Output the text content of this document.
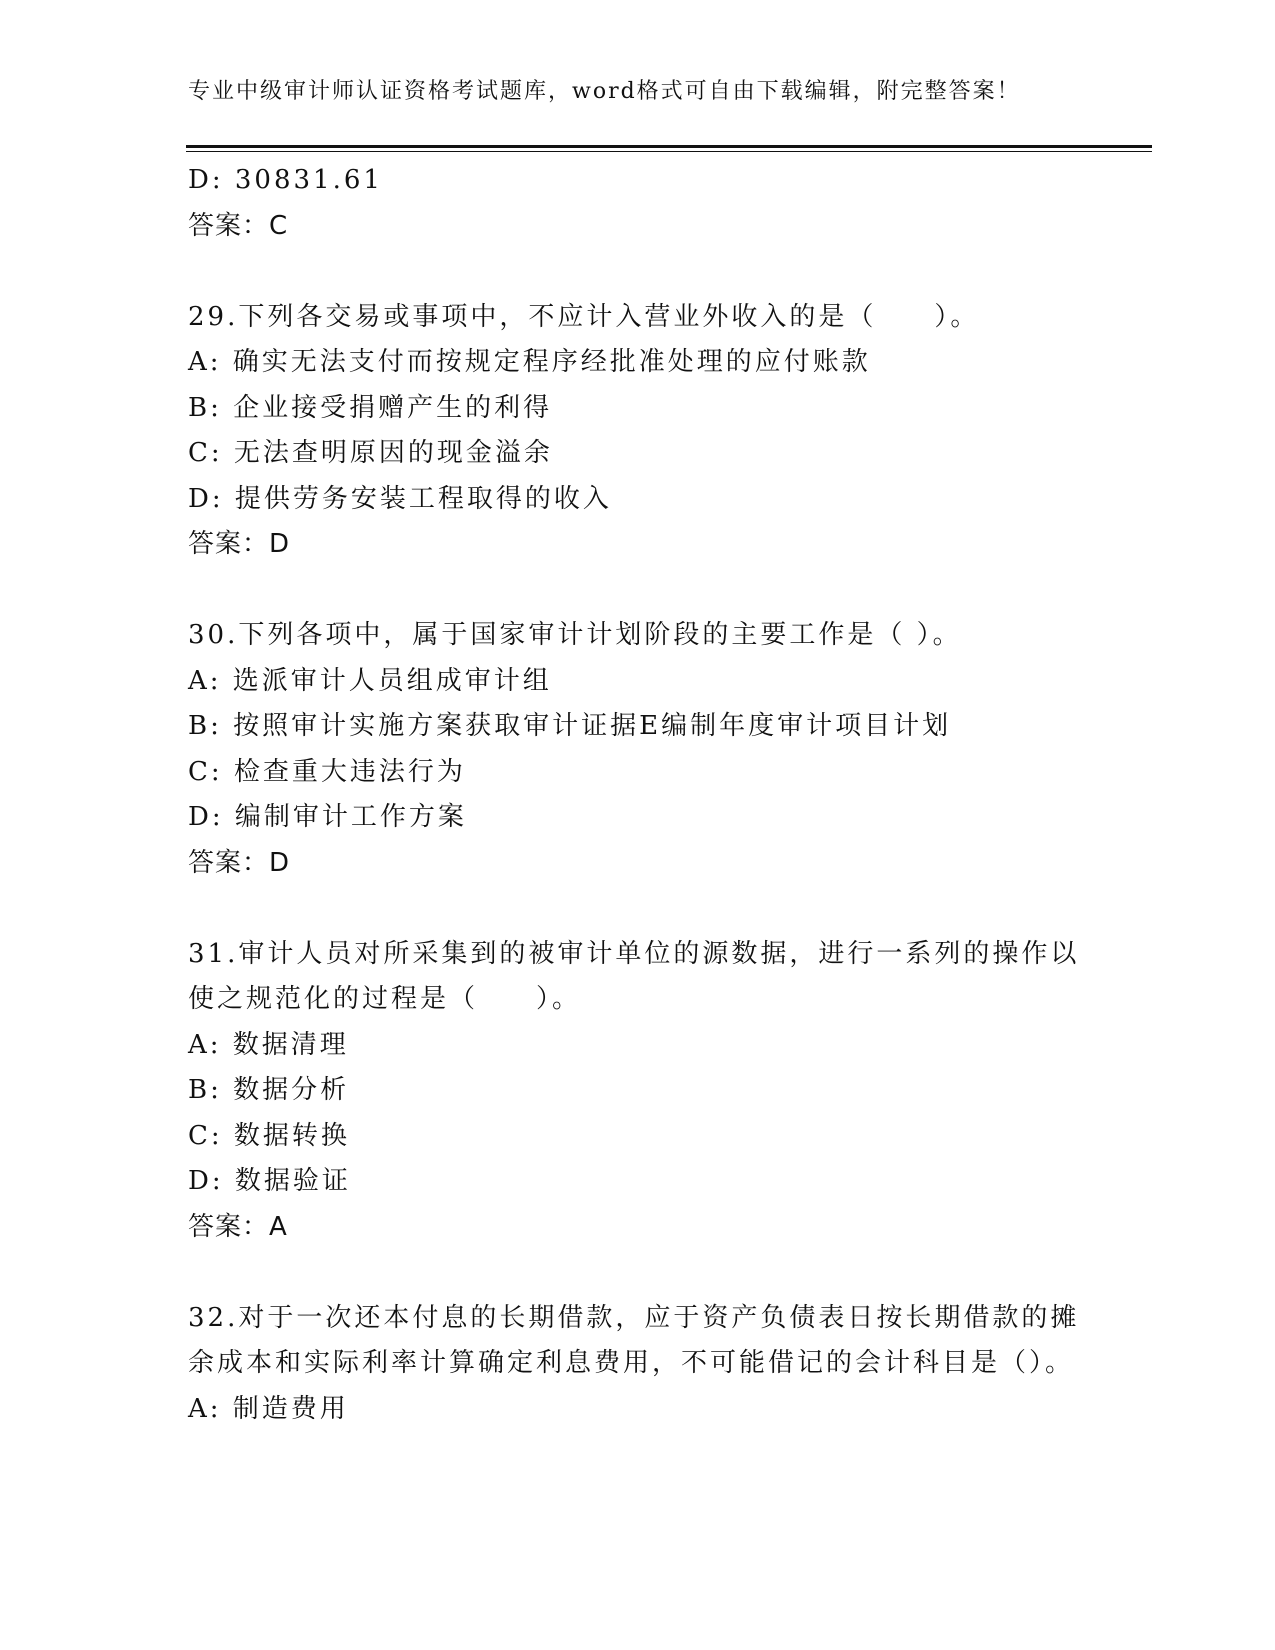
专业中级审计师认证资格考试题库，word格式可自由下载编辑，附完整答案！
D: 30831.61
答案：C
29.下列各交易或事项中，不应计入营业外收入的是（　　）。
A: 确实无法支付而按规定程序经批准处理的应付账款
B: 企业接受捐赠产生的利得
C: 无法查明原因的现金溢余
D: 提供劳务安装工程取得的收入
答案：D
30.下列各项中，属于国家审计计划阶段的主要工作是（ ）。
A: 选派审计人员组成审计组
B: 按照审计实施方案获取审计证据E编制年度审计项目计划
C: 检查重大违法行为
D: 编制审计工作方案
答案：D
31.审计人员对所采集到的被审计单位的源数据，进行一系列的操作以使之规范化的过程是（　　）。
A: 数据清理
B: 数据分析
C: 数据转换
D: 数据验证
答案：A
32.对于一次还本付息的长期借款，应于资产负债表日按长期借款的摊余成本和实际利率计算确定利息费用，不可能借记的会计科目是（）。
A: 制造费用
